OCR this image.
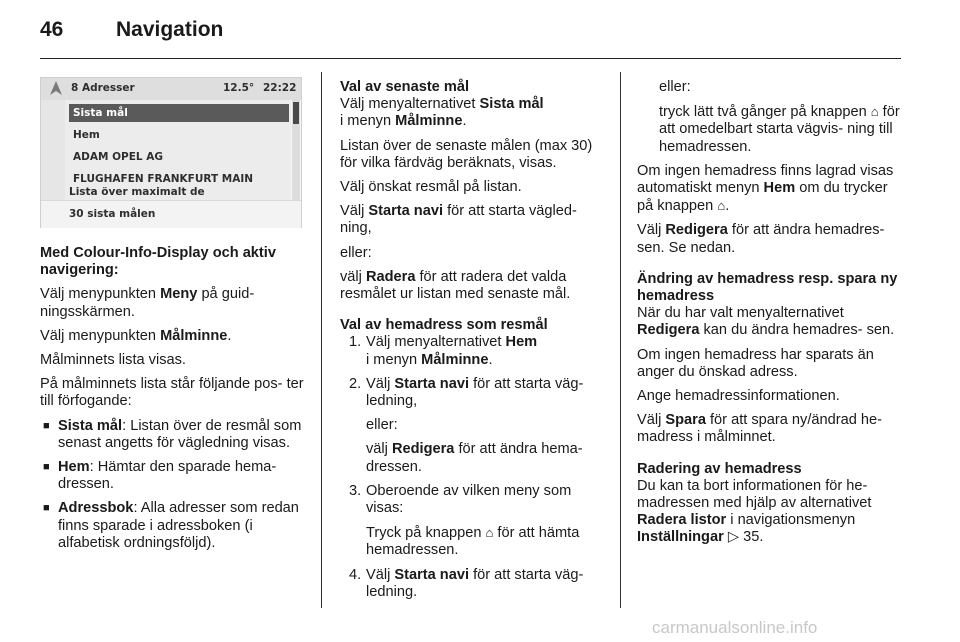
46	Navigation
8 Adresser	12.5° 22:22
Sista mål
Hem
ADAM OPEL AG
FLUGHAFEN FRANKFURT MAIN
Lista över maximalt de
30 sista målen

Med Colour-Info-Display och aktiv navigering:

Välj menypunkten Meny på guid- ningsskärmen.

Välj menypunkten Målminne.

Målminnets lista visas.

På målminnets lista står följande pos- ter till förfogande:

■ Sista mål: Listan över de resmål som senast angetts för vägledning visas.
■ Hem: Hämtar den sparade hema- dressen.
■ Adressbok: Alla adresser som redan finns sparade i adressboken (i alfabetisk ordningsföljd).
Val av senaste mål
Välj menyalternativet Sista mål

i menyn Målminne.

Listan över de senaste målen (max 30) för vilka färdväg beräknats, visas.

Välj önskat resmål på listan.

Välj Starta navi för att starta vägled- ning,

eller:

välj Radera för att radera det valda resmålet ur listan med senaste mål.

Val av hemadress som resmål
1. Välj menyalternativet Hem
i menyn Målminne.
2. Välj Starta navi för att starta väg- ledning,

eller:

välj Redigera för att ändra hema- dressen.

3. Oberoende av vilken meny som visas:

Tryck på knappen ⌂ för att hämta hemadressen.

4. Välj Starta navi för att starta väg- ledning.

eller:

tryck lätt två gånger på knappen ⌂ för att omedelbart starta vägvis- ning till hemadressen.

Om ingen hemadress finns lagrad visas automatiskt menyn Hem om du trycker på knappen ⌂.

Välj Redigera för att ändra hemadres- sen. Se nedan.

Ändring av hemadress resp. spara ny hemadress

När du har valt menyalternativet Redigera kan du ändra hemadres- sen.

Om ingen hemadress har sparats än anger du önskad adress.

Ange hemadressinformationen.

Välj Spara för att spara ny/ändrad he- madress i målminnet.

Radering av hemadress

Du kan ta bort informationen för he- madressen med hjälp av alternativet Radera listor i navigationsmenyn Inställningar ▷ 35.

carmanualsonline.info
